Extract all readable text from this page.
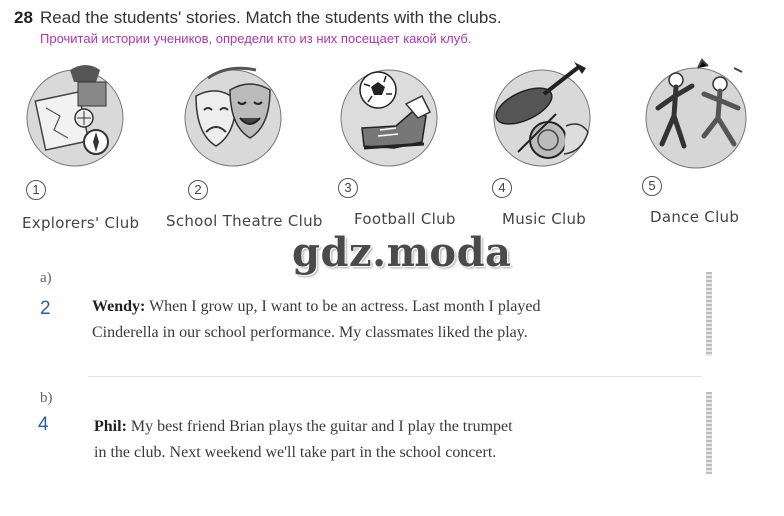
28 Read the students' stories. Match the students with the clubs.
Прочитай истории учеников, определи кто из них посещает какой клуб.
1
Explorers' Club
2
School Theatre Club
3
Football Club
4
Music Club
5
Dance Club
gdz.moda
a)
2	Wendy: When I grow up, I want to be an actress. Last month I played
Cinderella in our school performance. My classmates liked the play.
b)
4	Phil: My best friend Brian plays the guitar and I play the trumpet
in the club. Next weekend we'll take part in the school concert.
